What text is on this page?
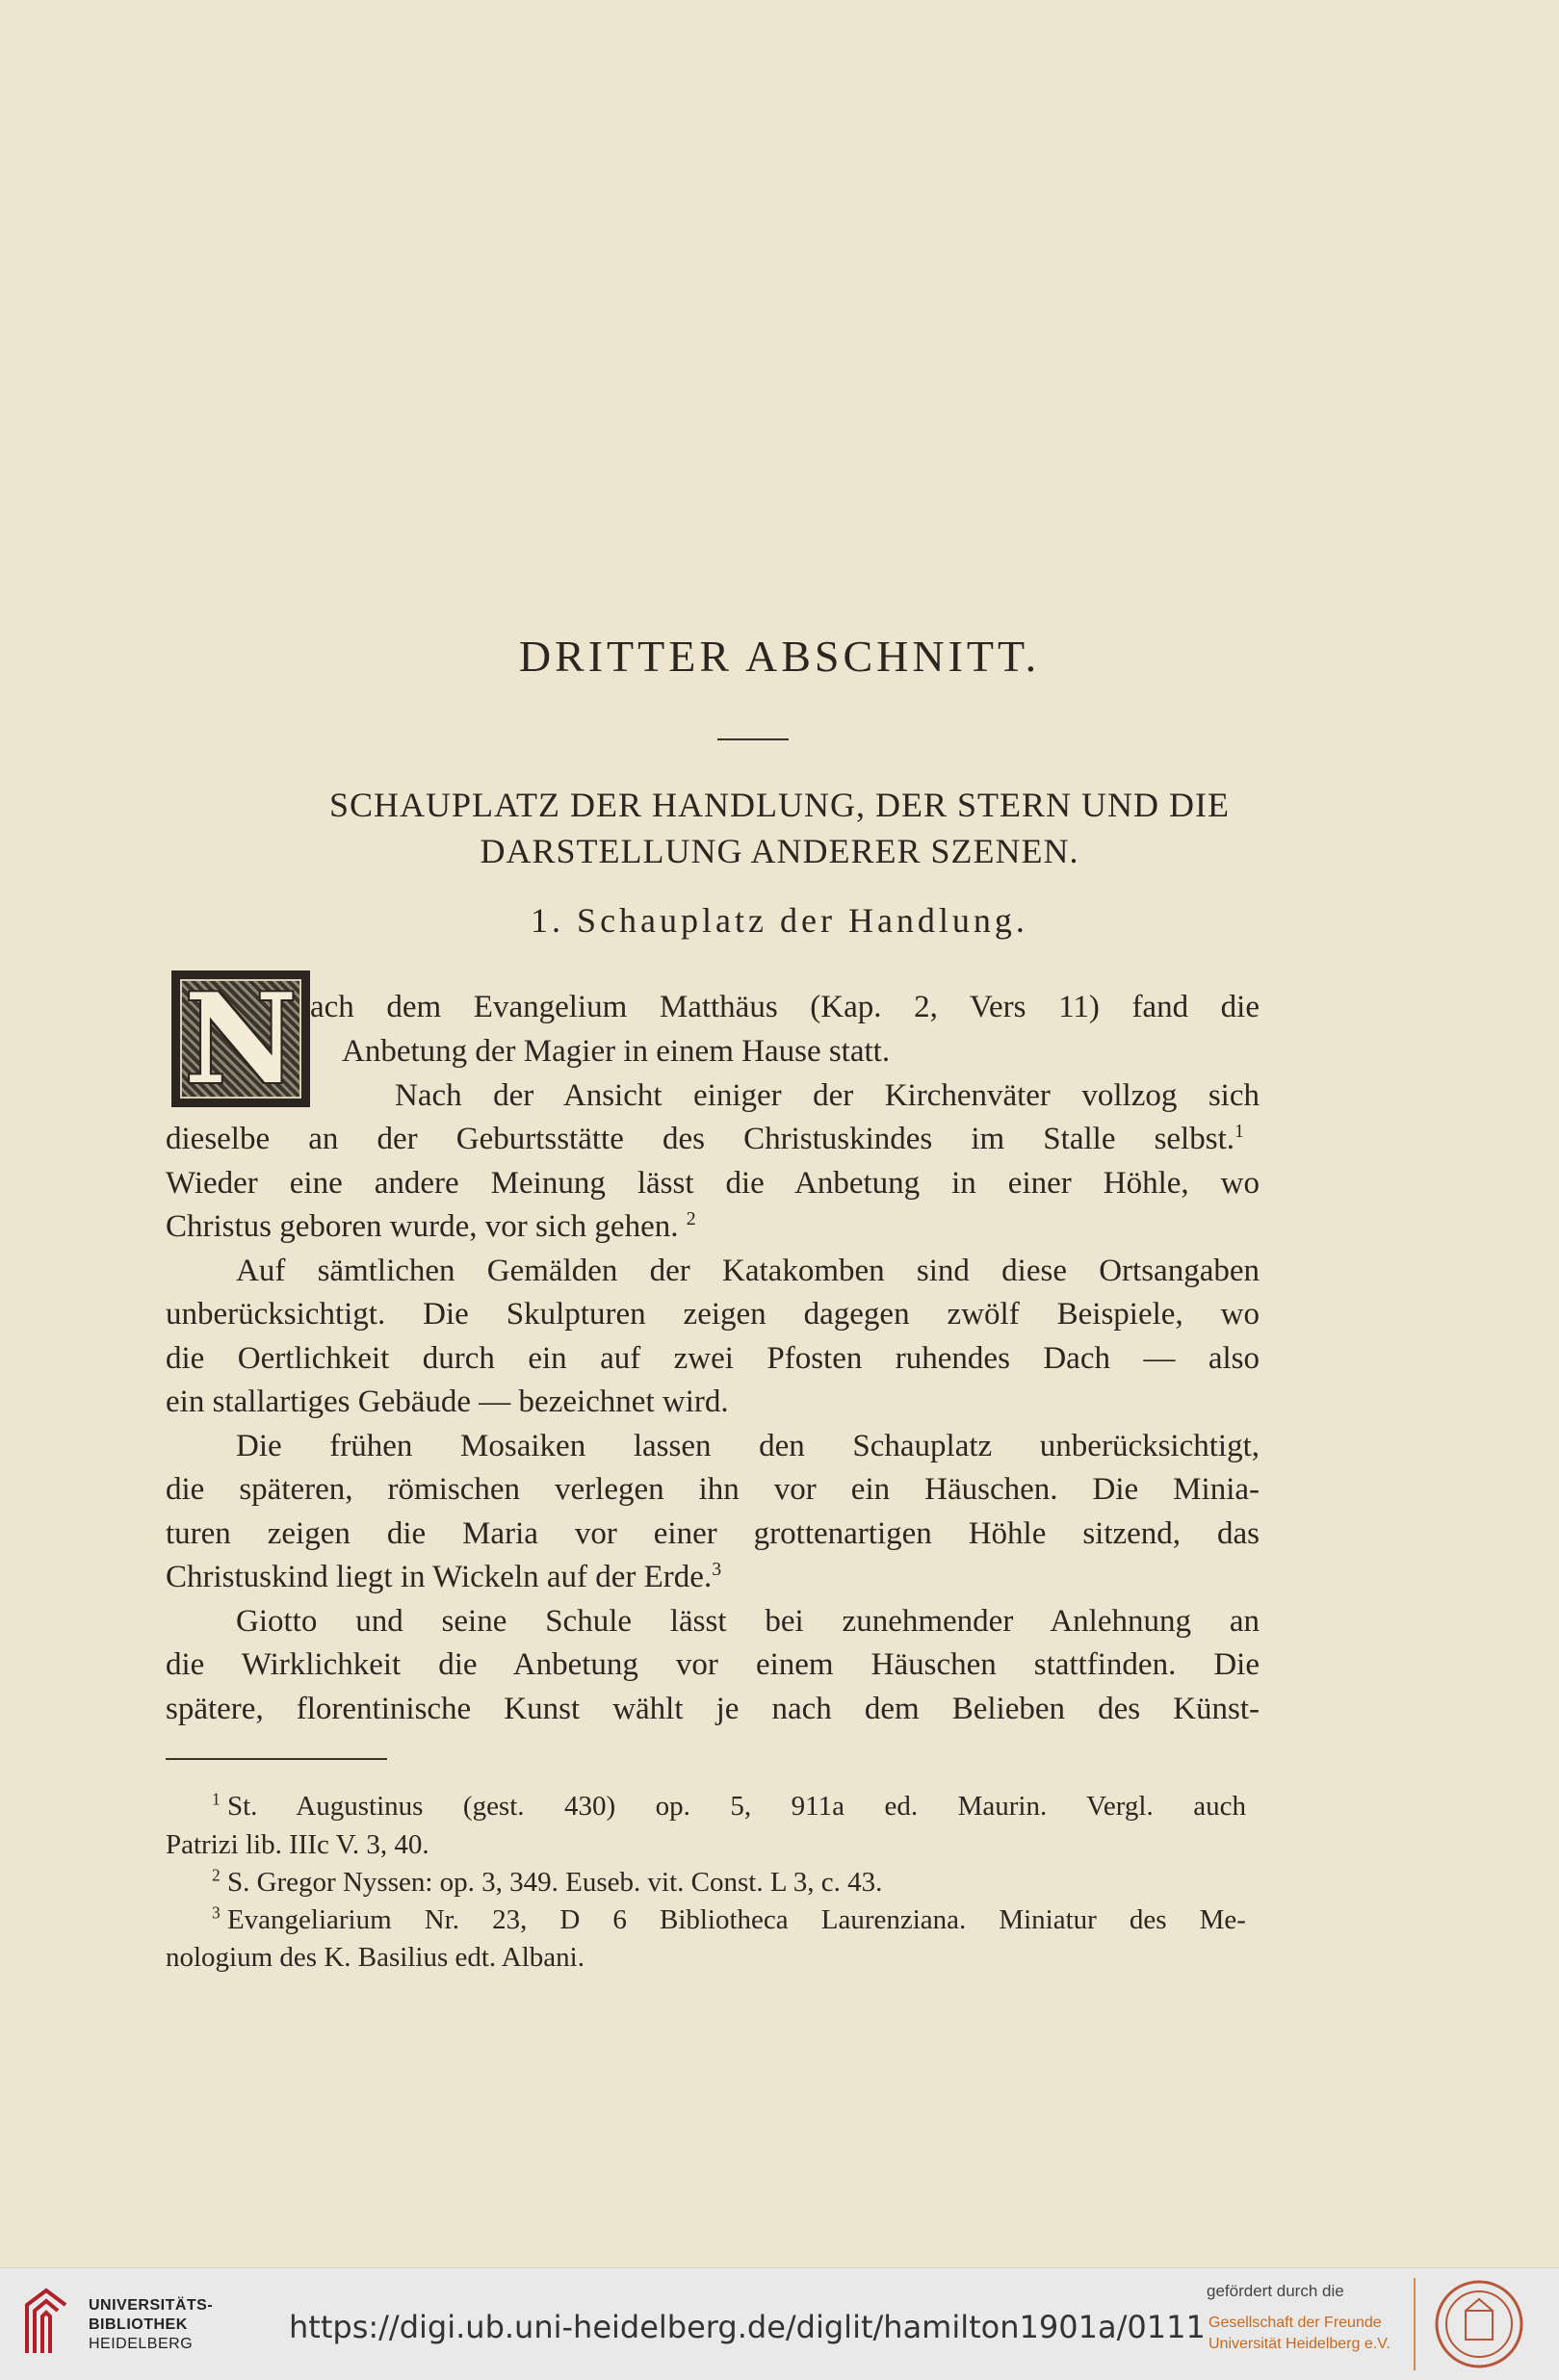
DRITTER ABSCHNITT.
SCHAUPLATZ DER HANDLUNG, DER STERN UND DIE
DARSTELLUNG ANDERER SZENEN.
1. Schauplatz der Handlung.
N ach dem Evangelium Matthäus (Kap. 2, Vers 11) fand die
Anbetung der Magier in einem Hause statt.
Nach der Ansicht einiger der Kirchenväter vollzog sich
dieselbe an der Geburtsstätte des Christuskindes im Stalle selbst.$^1$
Wieder eine andere Meinung lässt die Anbetung in einer Höhle, wo
Christus geboren wurde, vor sich gehen. $^2$
Auf sämtlichen Gemälden der Katakomben sind diese Ortsangaben
unberücksichtigt. Die Skulpturen zeigen dagegen zwölf Beispiele, wo
die Oertlichkeit durch ein auf zwei Pfosten ruhendes Dach — also
ein stallartiges Gebäude — bezeichnet wird.
Die frühen Mosaiken lassen den Schauplatz unberücksichtigt,
die späteren, römischen verlegen ihn vor ein Häuschen. Die Minia-
turen zeigen die Maria vor einer grottenartigen Höhle sitzend, das
Christuskind liegt in Wickeln auf der Erde.$^3$
Giotto und seine Schule lässt bei zunehmender Anlehnung an
die Wirklichkeit die Anbetung vor einem Häuschen stattfinden. Die
spätere, florentinische Kunst wählt je nach dem Belieben des Künst-
$^1$ St. Augustinus (gest. 430) op. 5, 911a ed. Maurin. Vergl. auch
Patrizi lib. IIIc V. 3, 40.
$^2$ S. Gregor Nyssen: op. 3, 349. Euseb. vit. Const. L 3, c. 43.
$^3$ Evangeliarium Nr. 23, D 6 Bibliotheca Laurenziana. Miniatur des Me-
nologium des K. Basilius edt. Albani.
UNIVERSITÄTS-
BIBLIOTHEK
HEIDELBERG	https://digi.ub.uni-heidelberg.de/diglit/hamilton1901a/0111
gefördert durch die
Gesellschaft der Freunde
Universität Heidelberg e.V.
